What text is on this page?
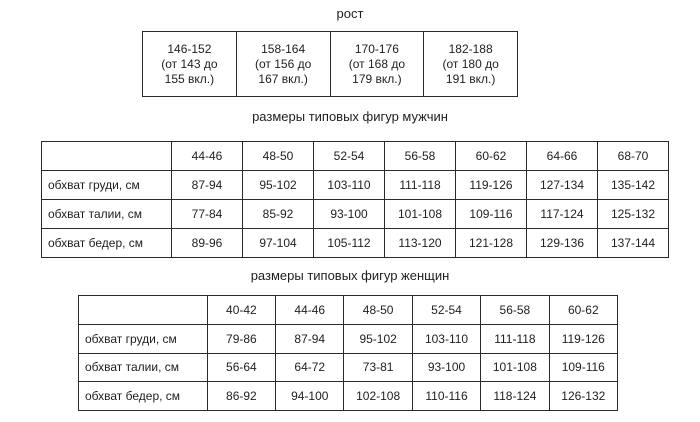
рост
146-152
(от 143 до
155 вкл.)

158-164
(от 156 до
167 вкл.)

170-176
(от 168 до
179 вкл.)

182-188
(от 180 до
191 вкл.)
размеры типовых фигур мужчин
	44-46	48-50	52-54	56-58	60-62	64-66	68-70
обхват груди, см	87-94	95-102	103-110	111-118	119-126	127-134	135-142
обхват талии, см	77-84	85-92	93-100	101-108	109-116	117-124	125-132
обхват бедер, см	89-96	97-104	105-112	113-120	121-128	129-136	137-144
размеры типовых фигур женщин
	40-42	44-46	48-50	52-54	56-58	60-62
обхват груди, см	79-86	87-94	95-102	103-110	111-118	119-126
обхват талии, см	56-64	64-72	73-81	93-100	101-108	109-116
обхват бедер, см	86-92	94-100	102-108	110-116	118-124	126-132
